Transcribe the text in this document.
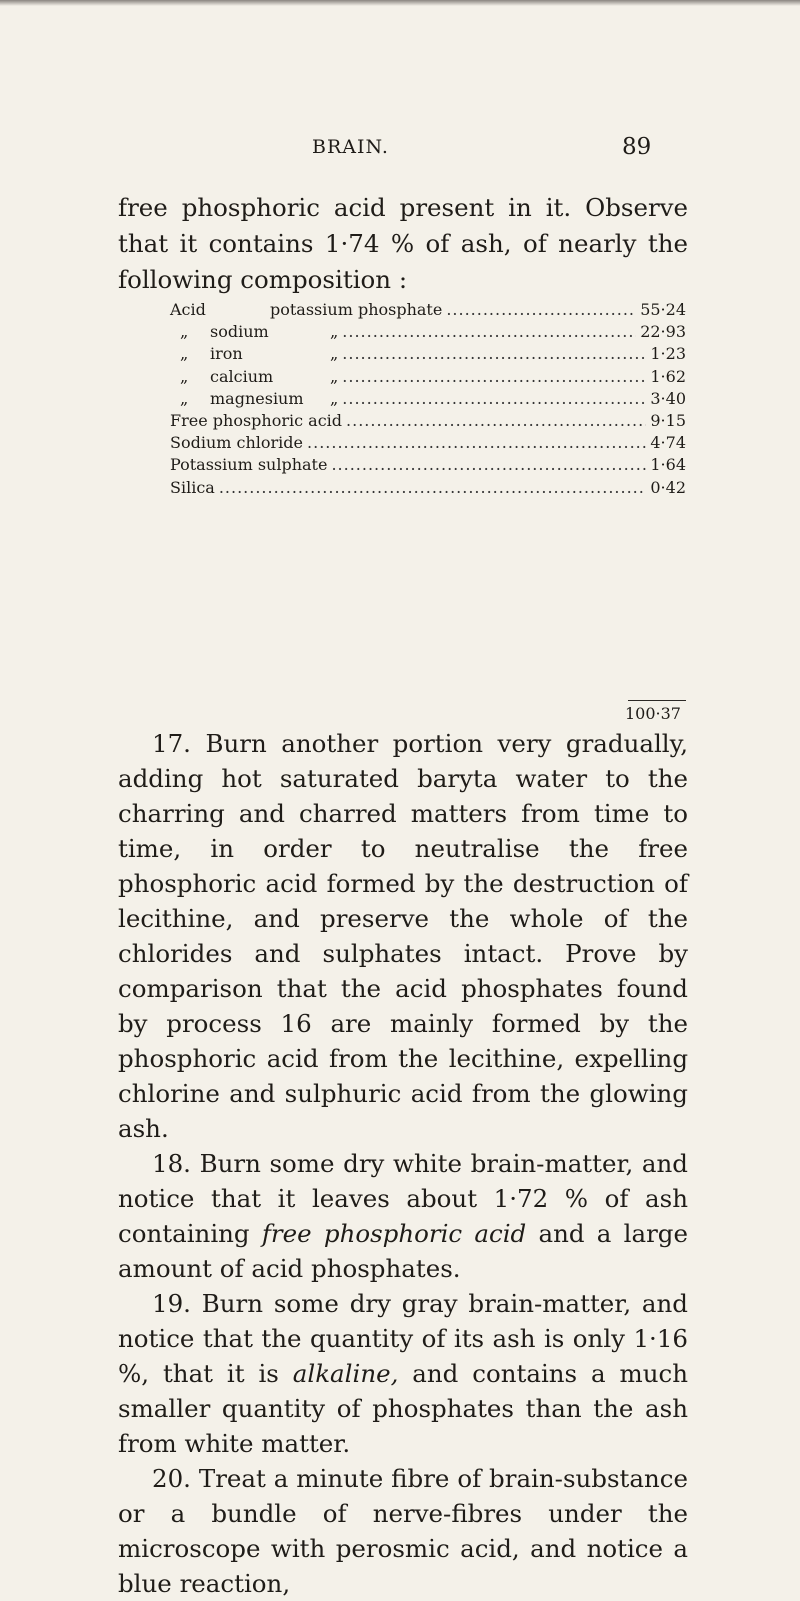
BRAIN.	89
free phosphoric acid present in it. Observe that it contains 1·74 % of ash, of nearly the following composition :
Acid	potassium phosphate .....	55·24
„ sodium	„ .....	22·93
„ iron	„ .....	1·23
„ calcium	„ .....	1·62
„ magnesium „ .....	3·40
Free phosphoric acid .....	9·15
Sodium chloride .....	4·74
Potassium sulphate .....	1·64
Silica .....	0·42
100·37

17. Burn another portion very gradually, adding hot saturated baryta water to the charring and charred matters from time to time, in order to neutralise the free phosphoric acid formed by the destruction of lecithine, and preserve the whole of the chlorides and sulphates intact. Prove by comparison that the acid phosphates found by process 16 are mainly formed by the phosphoric acid from the lecithine, expelling chlorine and sulphuric acid from the glowing ash.

18. Burn some dry white brain-matter, and notice that it leaves about 1·72 % of ash containing free phosphoric acid and a large amount of acid phosphates.

19. Burn some dry gray brain-matter, and notice that the quantity of its ash is only 1·16 %, that it is alkaline, and contains a much smaller quantity of phosphates than the ash from white matter.

20. Treat a minute fibre of brain-substance or a bundle of nerve-fibres under the microscope with perosmic acid, and notice a blue reaction,
